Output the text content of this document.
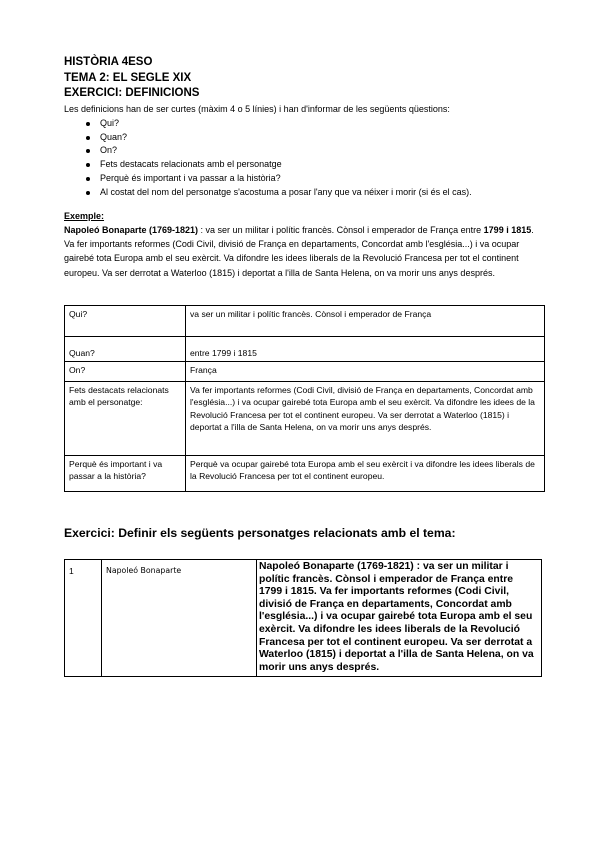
HISTÒRIA 4ESO
TEMA 2: EL SEGLE XIX
EXERCICI: DEFINICIONS
Les definicions han de ser curtes (màxim 4 o 5 línies) i han d'informar de les següents qüestions:
Qui?
Quan?
On?
Fets destacats relacionats amb el personatge
Perquè és important i va passar a la història?
Al costat del nom del personatge s'acostuma a posar l'any que va néixer i morir (si és el cas).
Exemple:
Napoleó Bonaparte (1769-1821) : va ser un militar i polític francès. Cònsol i emperador de França entre 1799 i 1815. Va fer importants reformes (Codi Civil, divisió de França en departaments, Concordat amb l'església...) i va ocupar gairebé tota Europa amb el seu exèrcit. Va difondre les idees liberals de la Revolució Francesa per tot el continent europeu. Va ser derrotat a Waterloo (1815) i deportat a l'illa de Santa Helena, on va morir uns anys després.
Qui?	va ser un militar i polític francès. Cònsol i emperador de França
Quan?	entre 1799 i 1815
On?	França
Fets destacats relacionats amb el personatge:	Va fer importants reformes (Codi Civil, divisió de França en departaments, Concordat amb l'església...) i va ocupar gairebé tota Europa amb el seu exèrcit. Va difondre les idees de la Revolució Francesa per tot el continent europeu. Va ser derrotat a Waterloo (1815) i deportat a l'illa de Santa Helena, on va morir uns anys després.
Perquè és important i va passar a la història?	Perquè va ocupar gairebé tota Europa amb el seu exèrcit i va difondre les idees liberals de la Revolució Francesa per tot el continent europeu.
Exercici: Definir els següents personatges relacionats amb el tema:
1	Napoleó Bonaparte	Napoleó Bonaparte (1769-1821) : va ser un militar i polític francès. Cònsol i emperador de França entre 1799 i 1815. Va fer importants reformes (Codi Civil, divisió de França en departaments, Concordat amb l'església...) i va ocupar gairebé tota Europa amb el seu exèrcit. Va difondre les idees liberals de la Revolució Francesa per tot el continent europeu. Va ser derrotat a Waterloo (1815) i deportat a l'illa de Santa Helena, on va morir uns anys després.
